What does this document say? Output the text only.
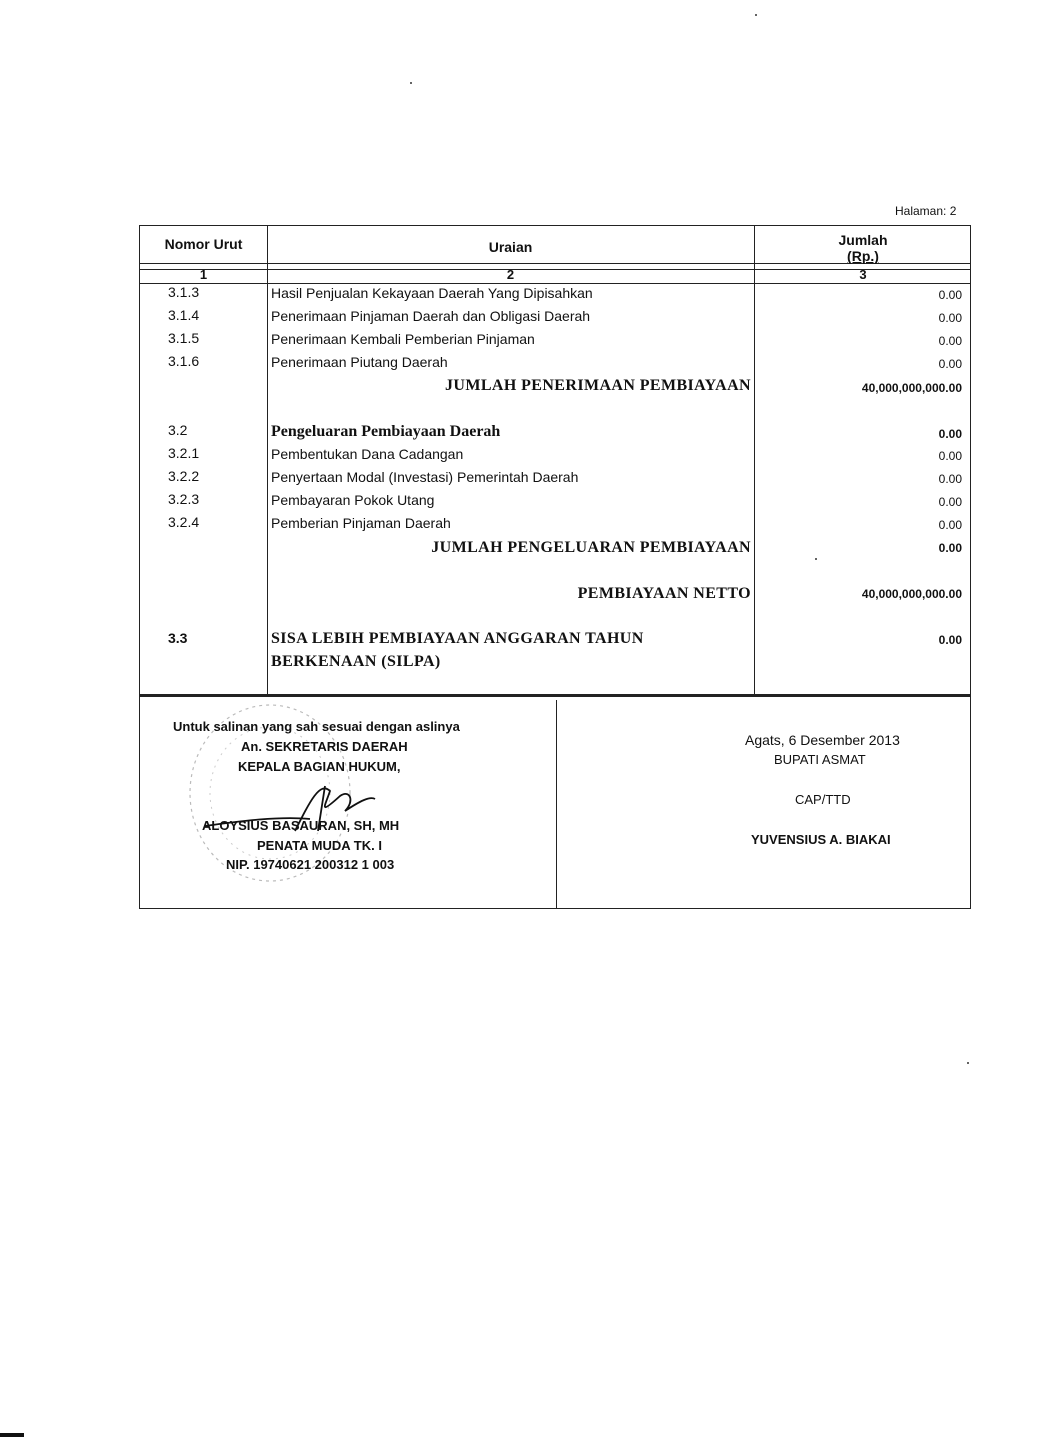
Halaman: 2
Nomor Urut	Uraian	Jumlah
(Rp.)
1	2	3
3.1.3	Hasil Penjualan Kekayaan Daerah Yang Dipisahkan	0.00
3.1.4	Penerimaan Pinjaman Daerah dan Obligasi Daerah	0.00
3.1.5	Penerimaan Kembali Pemberian Pinjaman	0.00
3.1.6	Penerimaan Piutang Daerah	0.00
JUMLAH PENERIMAAN PEMBIAYAAN	40,000,000,000.00
3.2	Pengeluaran Pembiayaan Daerah	0.00
3.2.1	Pembentukan Dana Cadangan	0.00
3.2.2	Penyertaan Modal (Investasi) Pemerintah Daerah	0.00
3.2.3	Pembayaran Pokok Utang	0.00
3.2.4	Pemberian Pinjaman Daerah	0.00
JUMLAH PENGELUARAN PEMBIAYAAN	0.00
PEMBIAYAAN NETTO	40,000,000,000.00
3.3	SISA LEBIH PEMBIAYAAN ANGGARAN TAHUN
BERKENAAN (SILPA)
0.00
Untuk salinan yang sah sesuai dengan aslinya
An. SEKRETARIS DAERAH
KEPALA BAGIAN HUKUM,
ALOYSIUS BASAURAN, SH, MH
PENATA MUDA TK. I
NIP. 19740621 200312 1 003
Agats, 6 Desember 2013
BUPATI ASMAT
CAP/TTD
YUVENSIUS A. BIAKAI
